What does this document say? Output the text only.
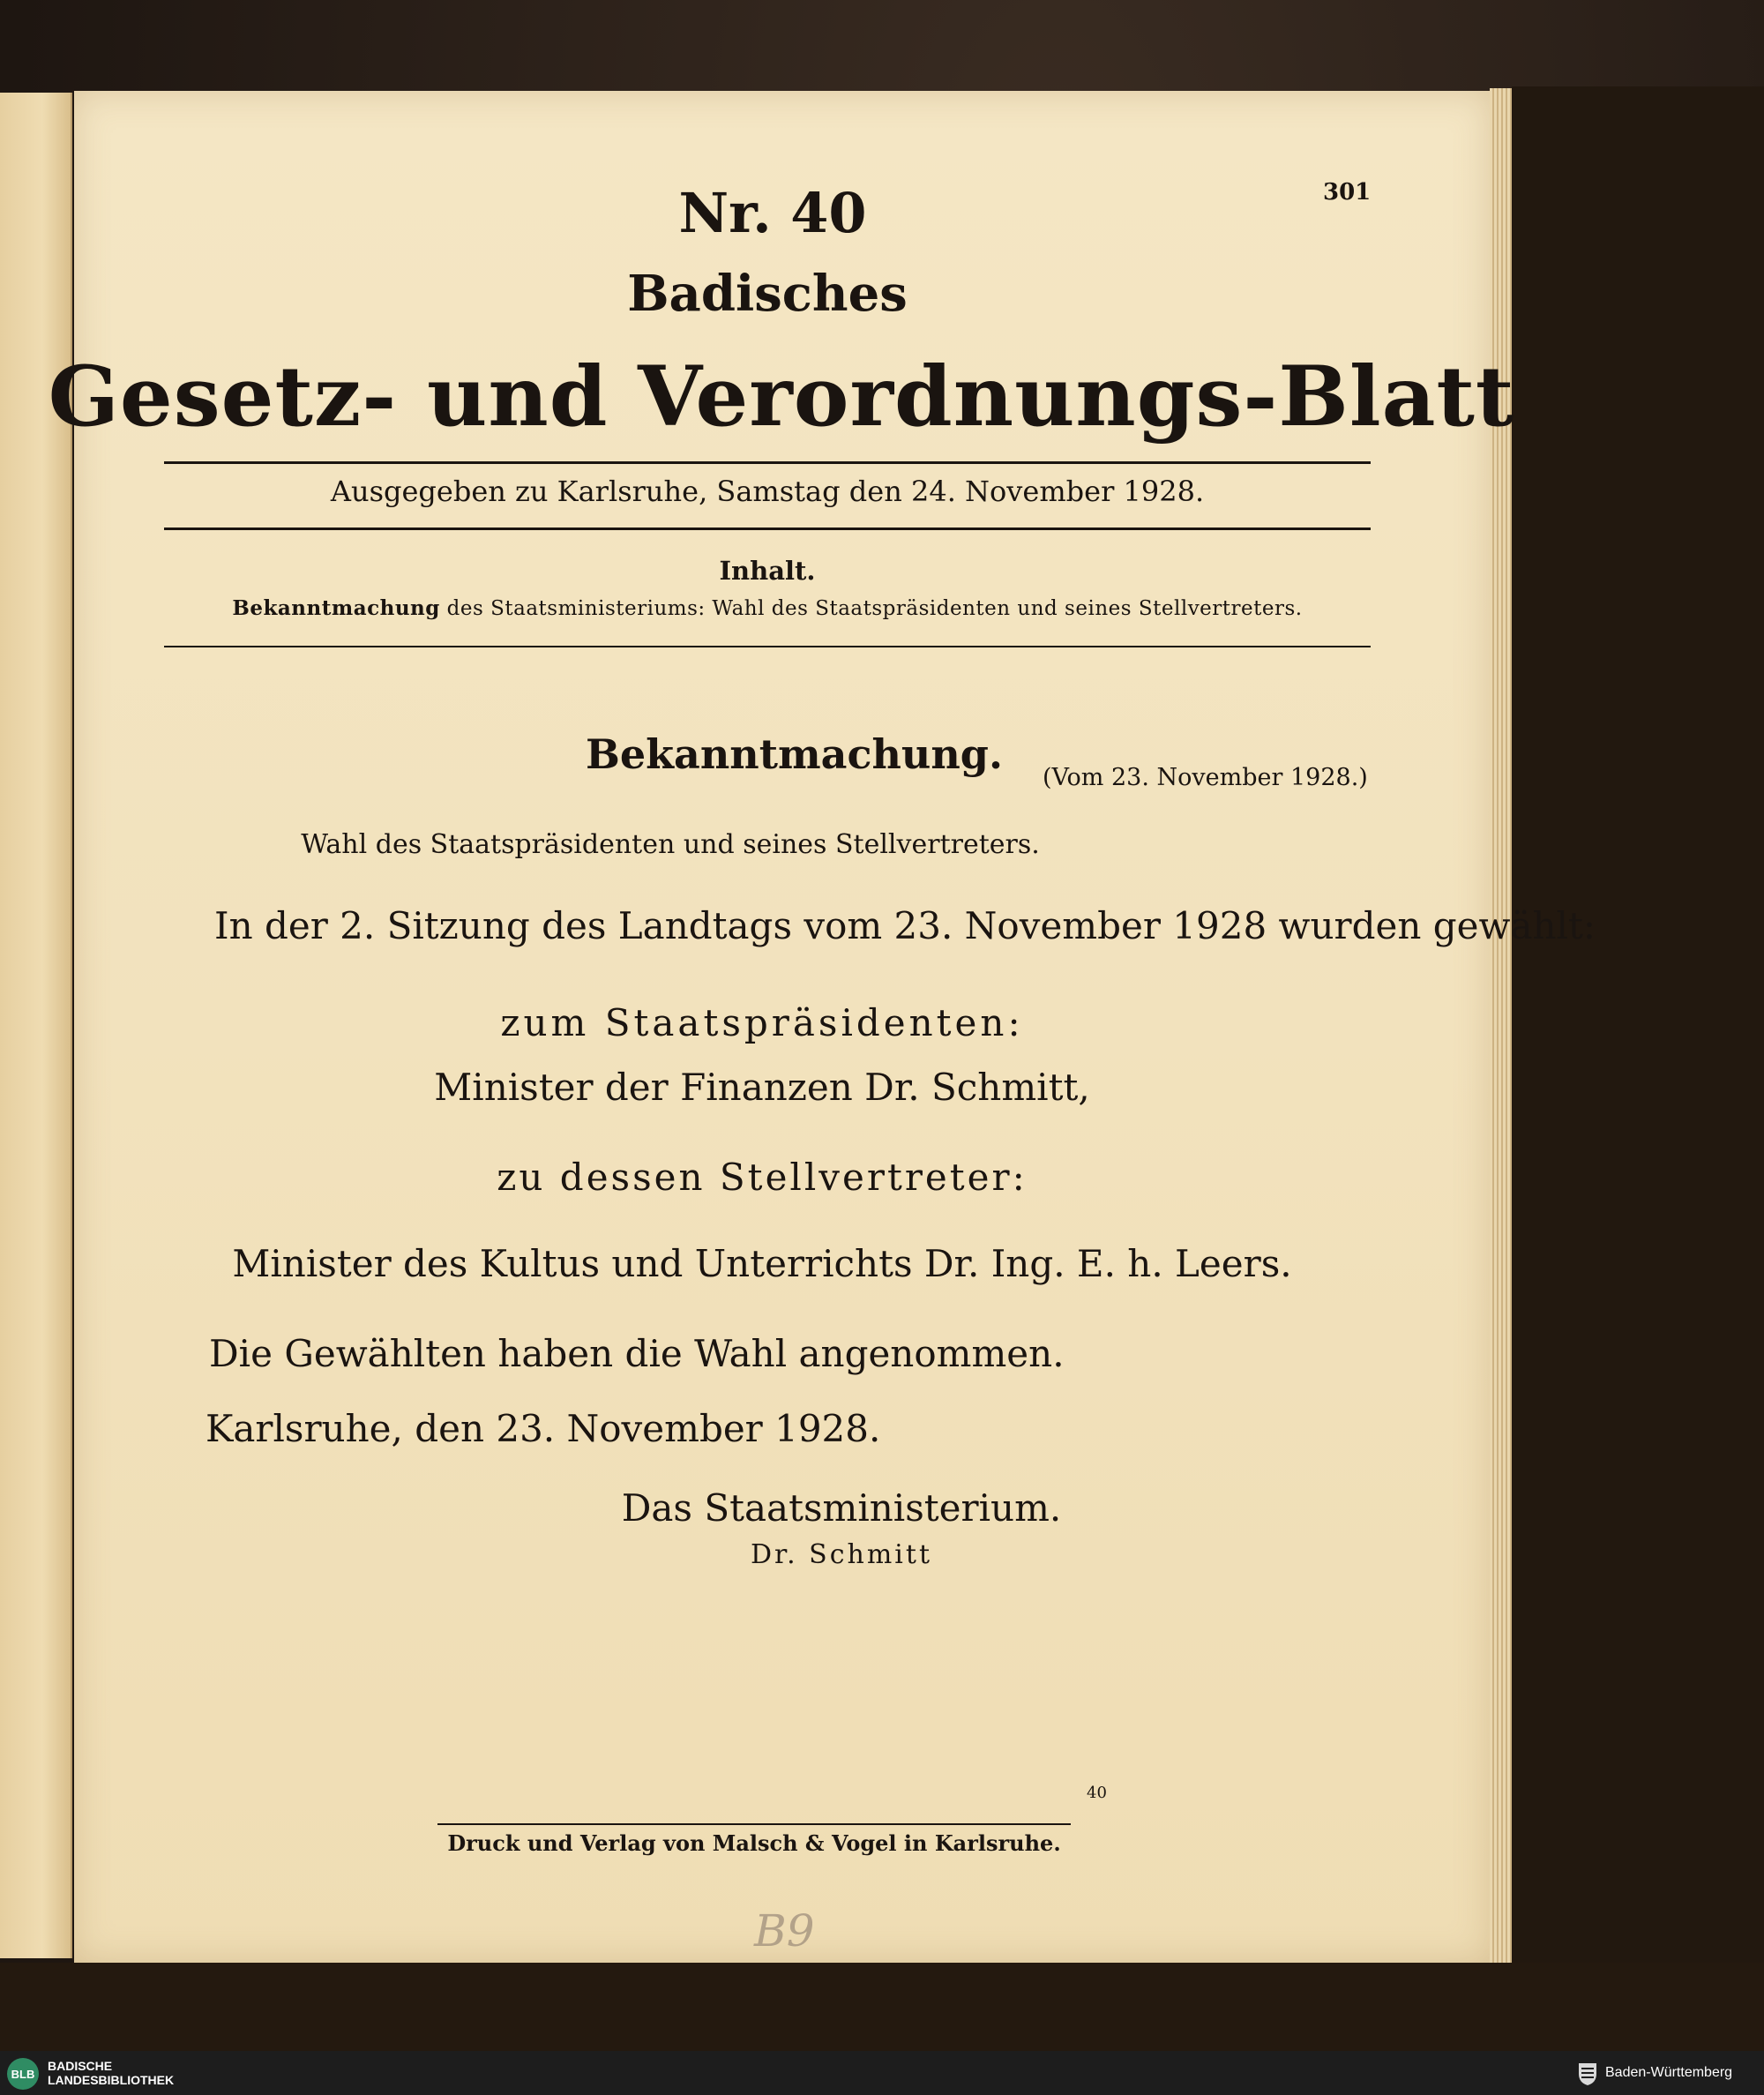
301
Nr. 40
Badisches
Gesetz- und Verordnungs-Blatt
Ausgegeben zu Karlsruhe, Samstag den 24. November 1928.
Inhalt.
Bekanntmachung des Staatsministeriums: Wahl des Staatspräsidenten und seines Stellvertreters.
Bekanntmachung. (Vom 23. November 1928.)
Wahl des Staatspräsidenten und seines Stellvertreters.
In der 2. Sitzung des Landtags vom 23. November 1928 wurden gewählt:
zum Staatspräsidenten:
Minister der Finanzen Dr. Schmitt,
zu dessen Stellvertreter:
Minister des Kultus und Unterrichts Dr. Ing. E. h. Leers.
Die Gewählten haben die Wahl angenommen.
Karlsruhe, den 23. November 1928.
Das Staatsministerium.
Dr. Schmitt
40
Druck und Verlag von Malsch & Vogel in Karlsruhe.
B9
BLB
BADISCHE
LANDESBIBLIOTHEK	Baden-Württemberg
